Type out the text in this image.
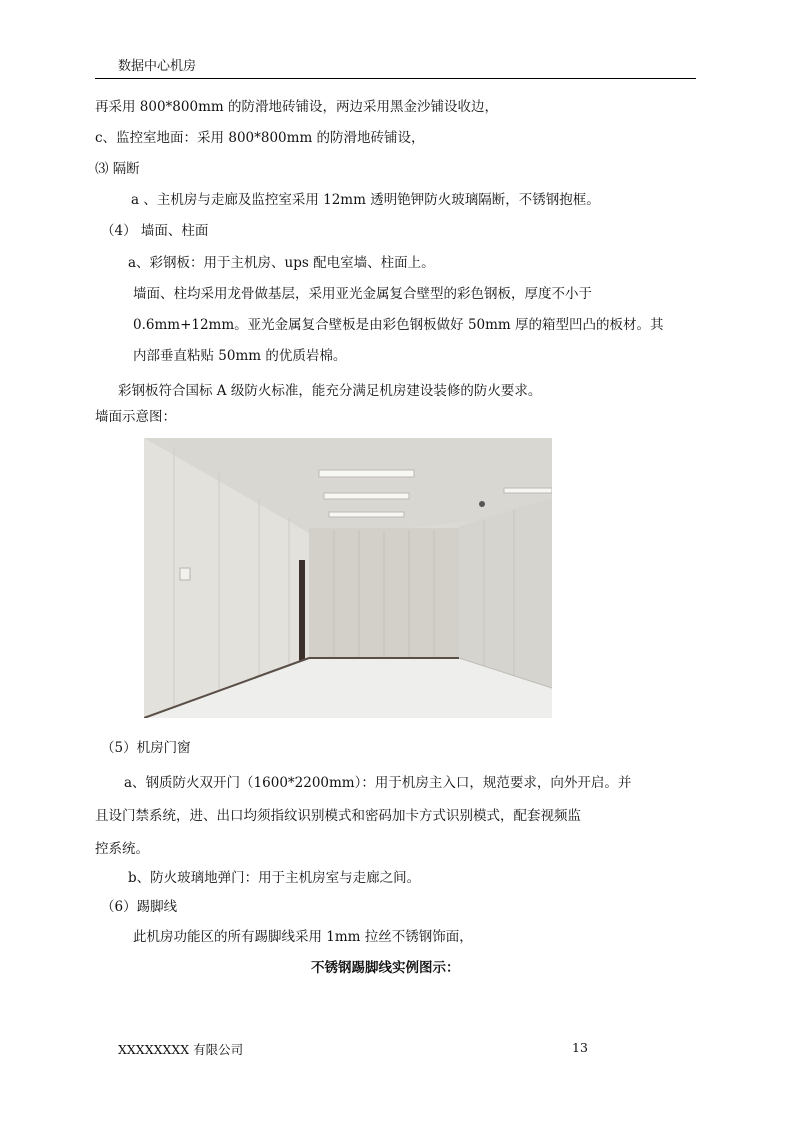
数据中心机房
再采用 800*800mm 的防滑地砖铺设，两边采用黑金沙铺设收边，
c、监控室地面：采用 800*800mm 的防滑地砖铺设，
⑶ 隔断
a 、主机房与走廊及监控室采用 12mm 透明铯钾防火玻璃隔断，不锈钢抱框。
（4） 墙面、柱面
a、彩钢板：用于主机房、ups 配电室墙、柱面上。
墙面、柱均采用龙骨做基层，采用亚光金属复合壁型的彩色钢板，厚度不小于
0.6mm+12mm。亚光金属复合壁板是由彩色钢板做好 50mm 厚的箱型凹凸的板材。其
内部垂直粘贴 50mm 的优质岩棉。
彩钢板符合国标 A 级防火标准，能充分满足机房建设装修的防火要求。
墙面示意图：
（5）机房门窗
a、钢质防火双开门（1600*2200mm）：用于机房主入口，规范要求，向外开启。并
且设门禁系统，进、出口均须指纹识别模式和密码加卡方式识别模式，配套视频监
控系统。
b、防火玻璃地弹门：用于主机房室与走廊之间。
（6）踢脚线
此机房功能区的所有踢脚线采用 1mm 拉丝不锈钢饰面，
不锈钢踢脚线实例图示：
XXXXXXXX 有限公司	13
